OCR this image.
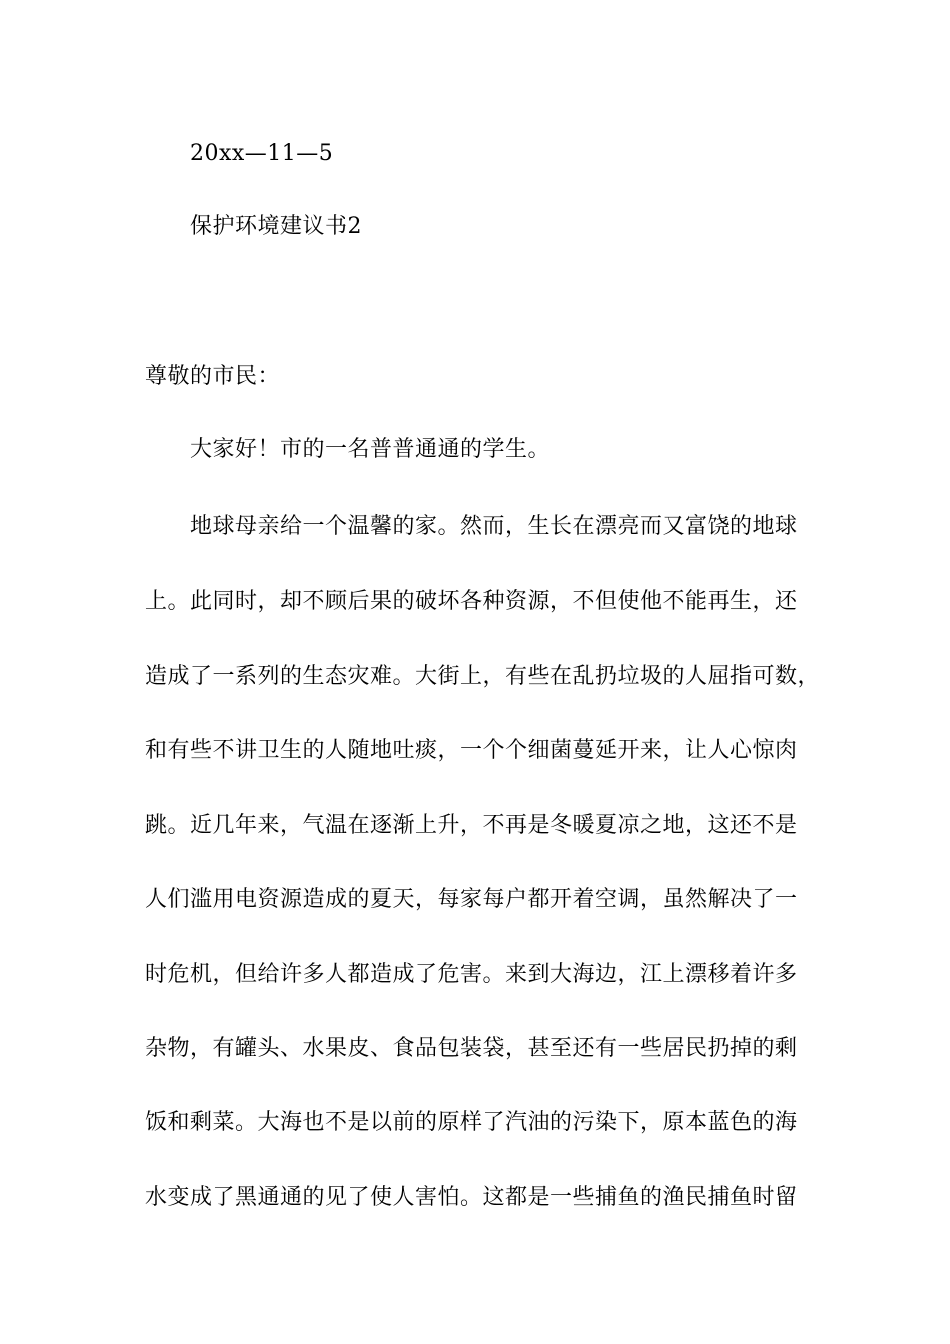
20xx—11—5
保护环境建议书2
尊敬的市民：
大家好！市的一名普普通通的学生。
地球母亲给一个温馨的家。然而，生长在漂亮而又富饶的地球
上。此同时，却不顾后果的破坏各种资源，不但使他不能再生，还
造成了一系列的生态灾难。大街上，有些在乱扔垃圾的人屈指可数，
和有些不讲卫生的人随地吐痰，一个个细菌蔓延开来，让人心惊肉
跳。近几年来，气温在逐渐上升，不再是冬暖夏凉之地，这还不是
人们滥用电资源造成的夏天，每家每户都开着空调，虽然解决了一
时危机，但给许多人都造成了危害。来到大海边，江上漂移着许多
杂物，有罐头、水果皮、食品包装袋，甚至还有一些居民扔掉的剩
饭和剩菜。大海也不是以前的原样了汽油的污染下，原本蓝色的海
水变成了黑通通的见了使人害怕。这都是一些捕鱼的渔民捕鱼时留
